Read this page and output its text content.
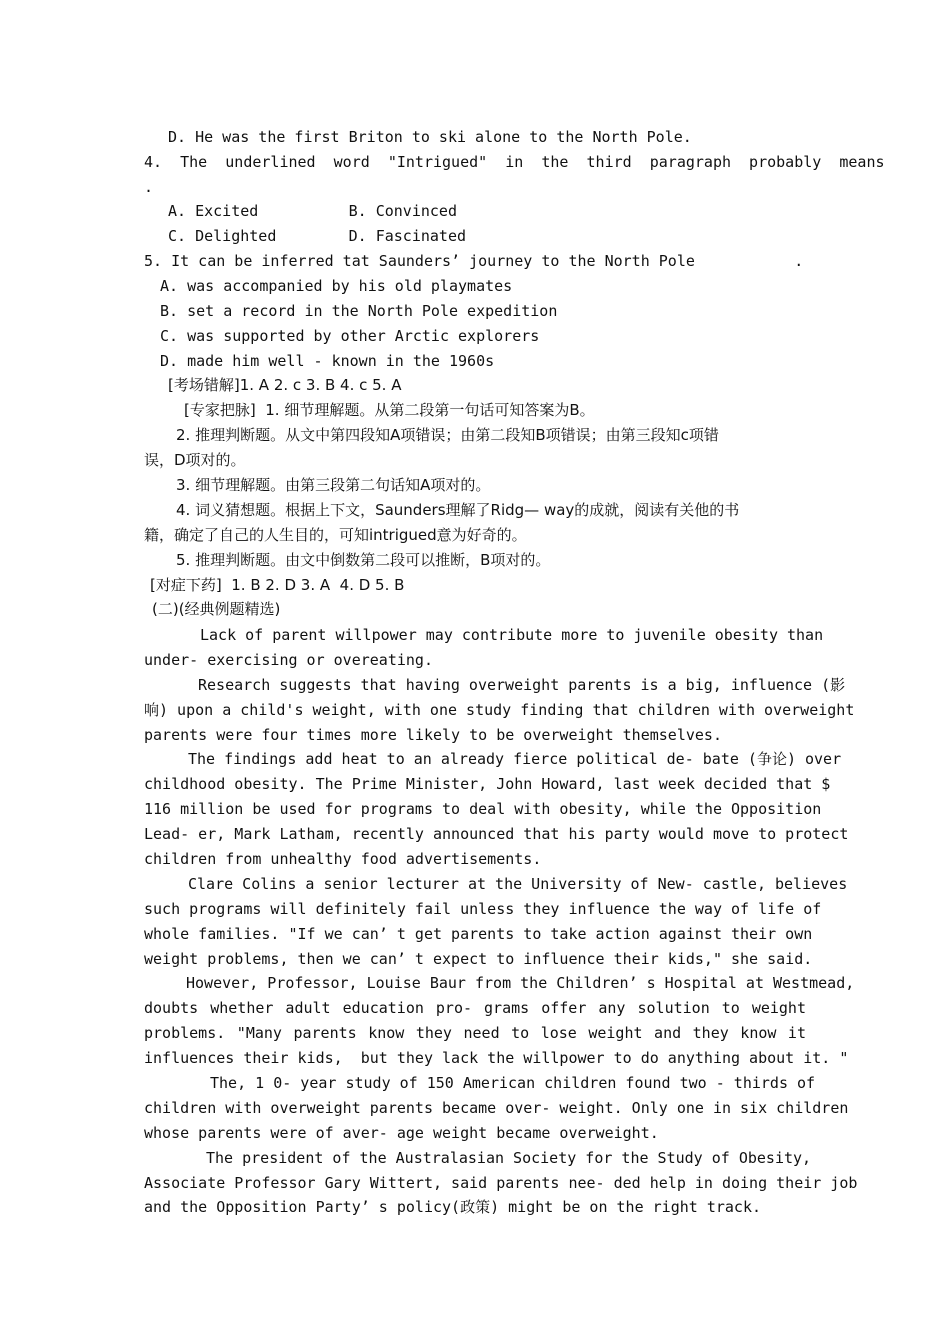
D. He was the first Briton to ski alone to the North Pole.
4.  The  underlined  word  "Intrigued"  in  the  third  paragraph  probably  means
.
A. Excited          B. Convinced
C. Delighted        D. Fascinated
5. It can be inferred tat Saunders’ journey to the North Pole           .
A. was accompanied by his old playmates
B. set a record in the North Pole expedition
C. was supported by other Arctic explorers
D. made him well - known in the 1960s
[考场错解]1. A 2. c 3. B 4. c 5. A
[专家把脉]  1. 细节理解题。从第二段第一句话可知答案为B。
2. 推理判断题。从文中第四段知A项错误；由第二段知B项错误；由第三段知c项错
误，D项对的。
3. 细节理解题。由第三段第二句话知A项对的。
4. 词义猜想题。根据上下文，Saunders理解了Ridg— way的成就，阅读有关他的书
籍，确定了自己的人生目的，可知intrigued意为好奇的。
5. 推理判断题。由文中倒数第二段可以推断，B项对的。
[对症下药]  1. B 2. D 3. A  4. D 5. B
(二)(经典例题精选)
Lack of parent willpower may contribute more to juvenile obesity than
under- exercising or overeating.
Research suggests that having overweight parents is a big, influence (影
响) upon a child's weight, with one study finding that children with overweight
parents were four times more likely to be overweight themselves.
The findings add heat to an already fierce political de- bate (争论) over
childhood obesity. The Prime Minister, John Howard, last week decided that $
116 million be used for programs to deal with obesity, while the Opposition
Lead- er, Mark Latham, recently announced that his party would move to protect
children from unhealthy food advertisements.
Clare Colins a senior lecturer at the University of New- castle, believes
such programs will definitely fail unless they influence the way of life of
whole families. "If we can’ t get parents to take action against their own
weight problems, then we can’ t expect to influence their kids," she said.
However, Professor, Louise Baur from the Children’ s Hospital at Westmead,
doubts whether adult education pro- grams offer any solution to weight
problems. "Many parents know they need to lose weight and they know it
influences their kids,  but they lack the willpower to do anything about it. "
The, 1 0- year study of 150 American children found two - thirds of
children with overweight parents became over- weight. Only one in six children
whose parents were of aver- age weight became overweight.
The president of the Australasian Society for the Study of Obesity,
Associate Professor Gary Wittert, said parents nee- ded help in doing their job
and the Opposition Party’ s policy(政策) might be on the right track.
